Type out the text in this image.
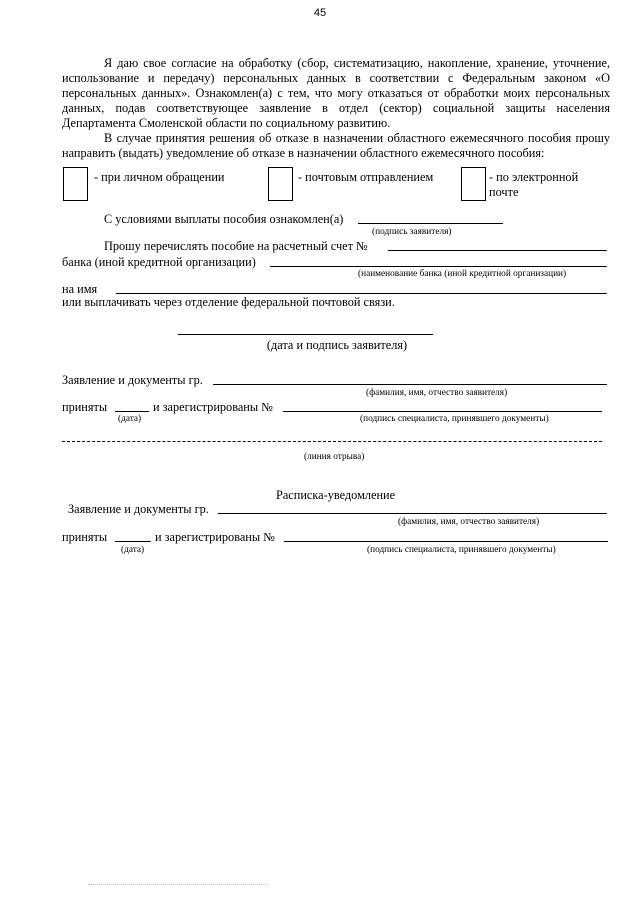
45

Я даю свое согласие на обработку (сбор, систематизацию, накопление, хранение, уточнение, использование и передачу) персональных данных в соответствии с Федеральным законом «О персональных данных». Ознакомлен(а) с тем, что могу отказаться от обработки моих персональных данных, подав соответствующее заявление в отдел (сектор) социальной защиты населения Департамента Смоленской области по социальному развитию.

В случае принятия решения об отказе в назначении областного ежемесячного пособия прошу направить (выдать) уведомление об отказе в назначении областного ежемесячного пособия:

- при личном обращении	- почтовым отправлением	- по электронной
почте
С условиями выплаты пособия ознакомлен(а)
(подпись заявителя)
Прошу перечислять пособие на расчетный счет №
банка (иной кредитной организации)
(наименование банка (иной кредитной организации)
на имя
или выплачивать через отделение федеральной почтовой связи.
(дата и подпись заявителя)
Заявление и документы гр.
(фамилия, имя, отчество заявителя)
приняты	и зарегистрированы №
(дата)	(подпись специалиста, принявшего документы)
(линия отрыва)
Расписка-уведомление
Заявление и документы гр.
(фамилия, имя, отчество заявителя)
приняты	и зарегистрированы №
(дата)	(подпись специалиста, принявшего документы)
